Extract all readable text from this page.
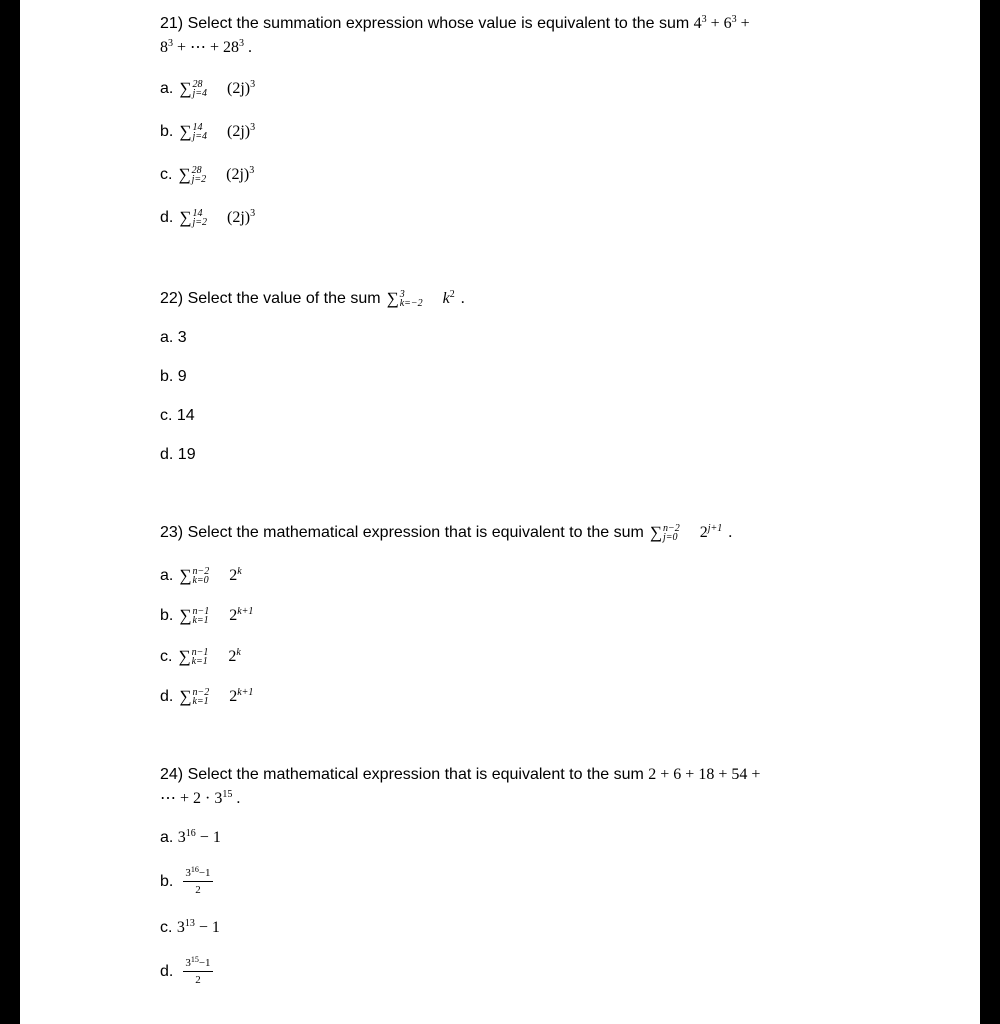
21) Select the summation expression whose value is equivalent to the sum $4^3 + 6^3$ +
$8^3$ + ⋯ + $28^3$ .
a. ∑ 28
j=4 $(2j)^3$
b. ∑ 14
j=4 $(2j)^3$
c. ∑ 28
j=2 $(2j)^3$
d. ∑ 14
j=2 $(2j)^3$
22)
Select the value of the sum ∑ 3
k=−2 $k^2$ .
a.
3
b.
9
c.
14
d.
19
23)
Select the mathematical expression that is equivalent to the sum ∑ n−2
j=0 $2^{j+1}$ .
a. ∑ n−2
k=0 2$^k$
b. ∑ n−1
k=1 $2^{k+1}$
c. ∑ n−1
k=1 2$^k$
d. ∑ n−2
k=1 $2^{k+1}$
24) Select the mathematical expression that is equivalent to the sum 2 + 6 + 18 + 54 +
⋯ + $2 \cdot 3^{15}$ .
a.
$3^{16} - 1$
b. $\frac{3^{16}-1}{2}$
c.
$3^{13} - 1$
d. $\frac{3^{15}-1}{2}$
